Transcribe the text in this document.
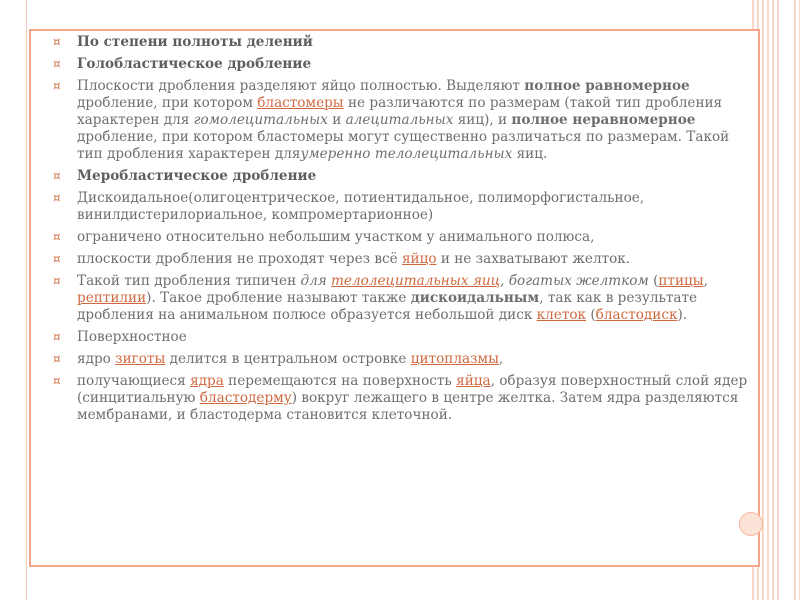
¤ По степени полноты делений
¤ Голобластическое дробление
¤ Плоскости дробления разделяют яйцо полностью. Выделяют полное равномерное дробление, при котором бластомеры не различаются по размерам (такой тип дробления характерен для гомолецитальных и алецитальных яиц), и полное неравномерное дробление, при котором бластомеры могут существенно различаться по размерам. Такой тип дробления характерен дляумеренно телолецитальных яиц.
¤ Меробластическое дробление
¤ Дискоидальное(олигоцентрическое, потиентидальное, полиморфогистальное, винилдистерилориальное, компромертарионное)
¤ ограничено относительно небольшим участком у анимального полюса,
¤ плоскости дробления не проходят через всё яйцо и не захватывают желток.
¤ Такой тип дробления типичен для телолецитальных яиц, богатых желтком (птицы, рептилии). Такое дробление называют также дискоидальным, так как в результате дробления на анимальном полюсе образуется небольшой диск клеток (бластодиск).
¤ Поверхностное
¤ ядро зиготы делится в центральном островке цитоплазмы,
¤ получающиеся ядра перемещаются на поверхность яйца, образуя поверхностный слой ядер (синцитиальную бластодерму) вокруг лежащего в центре желтка. Затем ядра разделяются мембранами, и бластодерма становится клеточной.
